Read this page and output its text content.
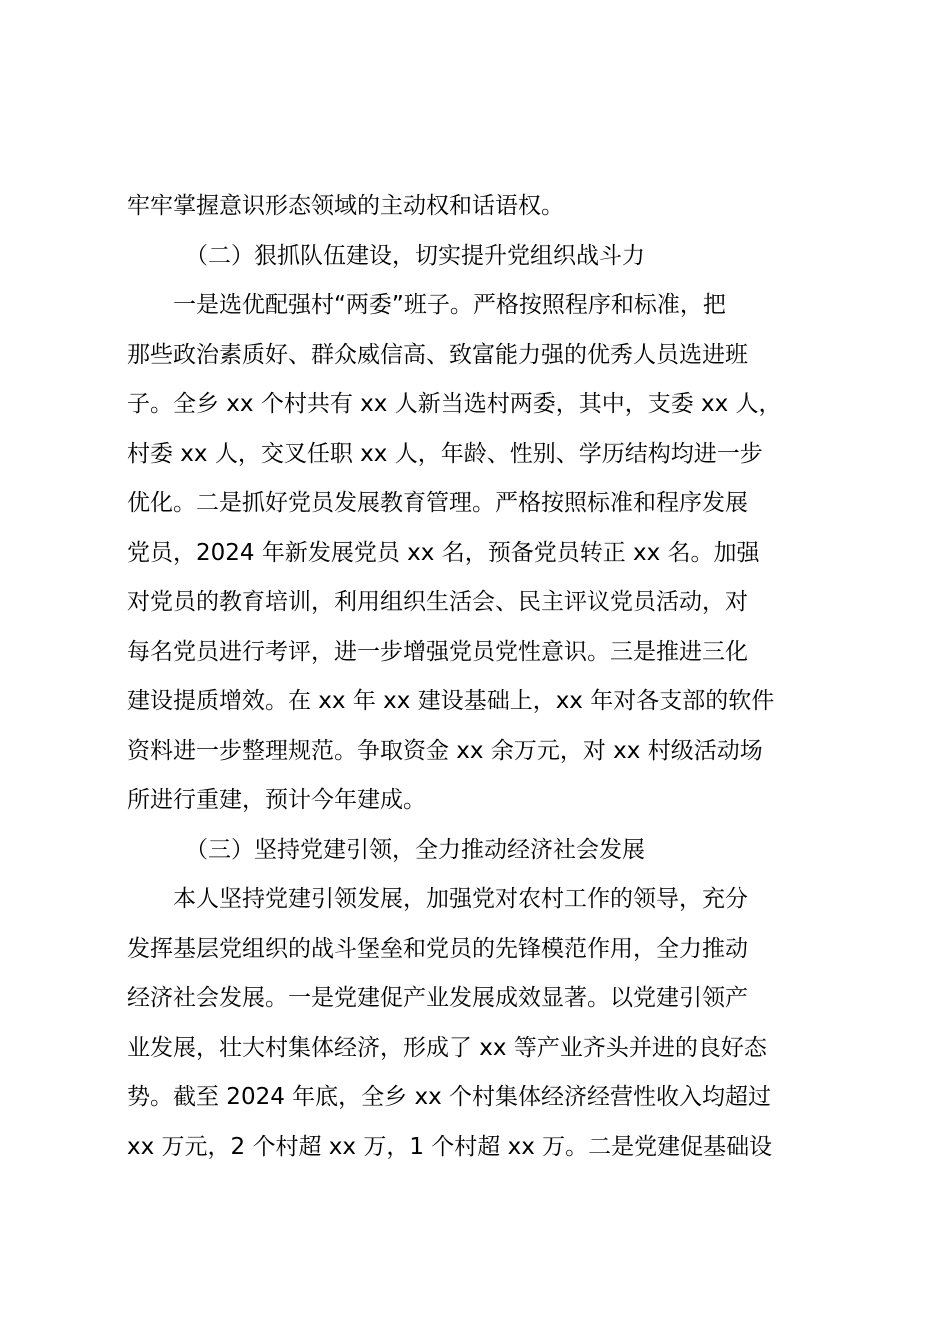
牢牢掌握意识形态领域的主动权和话语权。
（二）狠抓队伍建设，切实提升党组织战斗力
一是选优配强村“两委”班子。严格按照程序和标准，把
那些政治素质好、群众威信高、致富能力强的优秀人员选进班
子。全乡 xx 个村共有 xx 人新当选村两委，其中，支委 xx 人，
村委 xx 人，交叉任职 xx 人，年龄、性别、学历结构均进一步
优化。二是抓好党员发展教育管理。严格按照标准和程序发展
党员，2024 年新发展党员 xx 名，预备党员转正 xx 名。加强
对党员的教育培训，利用组织生活会、民主评议党员活动，对
每名党员进行考评，进一步增强党员党性意识。三是推进三化
建设提质增效。在 xx 年 xx 建设基础上，xx 年对各支部的软件
资料进一步整理规范。争取资金 xx 余万元，对 xx 村级活动场
所进行重建，预计今年建成。
（三）坚持党建引领，全力推动经济社会发展
本人坚持党建引领发展，加强党对农村工作的领导，充分
发挥基层党组织的战斗堡垒和党员的先锋模范作用，全力推动
经济社会发展。一是党建促产业发展成效显著。以党建引领产
业发展，壮大村集体经济，形成了 xx 等产业齐头并进的良好态
势。截至 2024 年底，全乡 xx 个村集体经济经营性收入均超过
xx 万元，2 个村超 xx 万，1 个村超 xx 万。二是党建促基础设
